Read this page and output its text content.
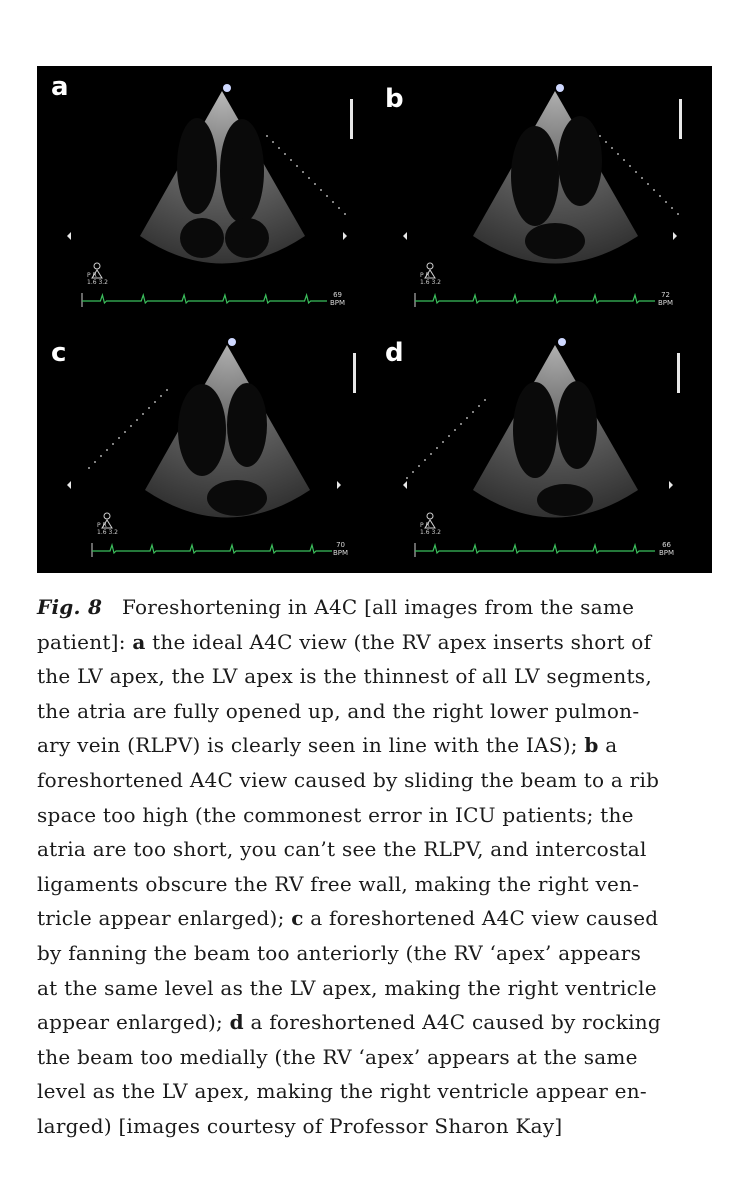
P R
1.6 3.2
a
69
BPM
P R
1.6 3.2
b
72
BPM
P R
1.6 3.2
c
70
BPM
P R
1.6 3.2
d
66
BPM

Fig. 8 Foreshortening in A4C [all images from the same
patient]: a the ideal A4C view (the RV apex inserts short of
the LV apex, the LV apex is the thinnest of all LV segments,
the atria are fully opened up, and the right lower pulmon-
ary vein (RLPV) is clearly seen in line with the IAS); b a
foreshortened A4C view caused by sliding the beam to a rib
space too high (the commonest error in ICU patients; the
atria are too short, you can’t see the RLPV, and intercostal
ligaments obscure the RV free wall, making the right ven-
tricle appear enlarged); c a foreshortened A4C view caused
by fanning the beam too anteriorly (the RV ‘apex’ appears
at the same level as the LV apex, making the right ventricle
appear enlarged); d a foreshortened A4C caused by rocking
the beam too medially (the RV ‘apex’ appears at the same
level as the LV apex, making the right ventricle appear en-
larged) [images courtesy of Professor Sharon Kay]
